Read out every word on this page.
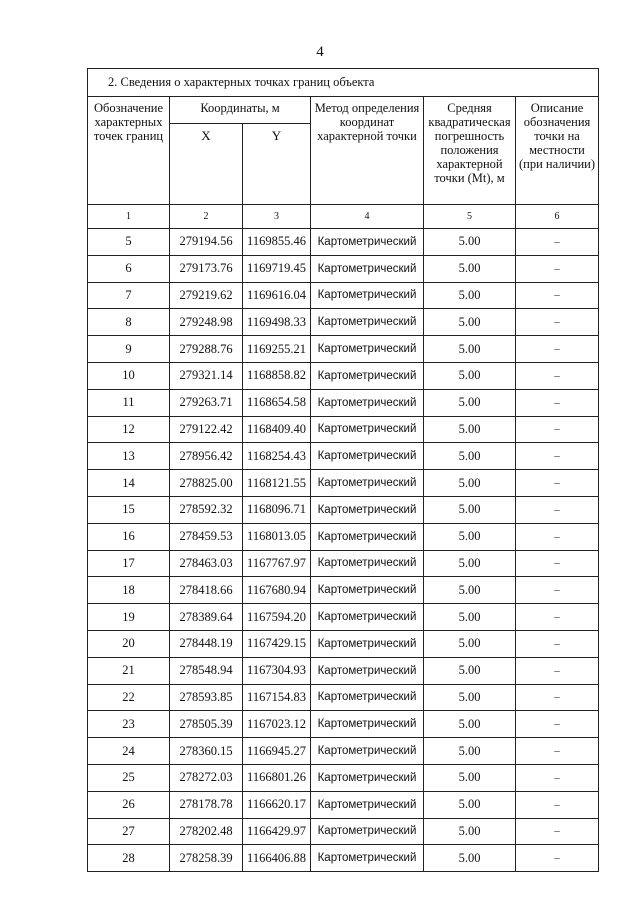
4
2. Сведения о характерных точках границ объекта					
Обозначение характерных точек границ	Координаты, м		Метод определения координат характерной точки	Средняя квадратическая погрешность положения характерной точки (Mt), м	Описание обозначения точки на местности (при наличии)
	X	Y			
1	2	3	4	5	6
5	279194.56	1169855.46	Картометрический	5.00	–
6	279173.76	1169719.45	Картометрический	5.00	–
7	279219.62	1169616.04	Картометрический	5.00	–
8	279248.98	1169498.33	Картометрический	5.00	–
9	279288.76	1169255.21	Картометрический	5.00	–
10	279321.14	1168858.82	Картометрический	5.00	–
11	279263.71	1168654.58	Картометрический	5.00	–
12	279122.42	1168409.40	Картометрический	5.00	–
13	278956.42	1168254.43	Картометрический	5.00	–
14	278825.00	1168121.55	Картометрический	5.00	–
15	278592.32	1168096.71	Картометрический	5.00	–
16	278459.53	1168013.05	Картометрический	5.00	–
17	278463.03	1167767.97	Картометрический	5.00	–
18	278418.66	1167680.94	Картометрический	5.00	–
19	278389.64	1167594.20	Картометрический	5.00	–
20	278448.19	1167429.15	Картометрический	5.00	–
21	278548.94	1167304.93	Картометрический	5.00	–
22	278593.85	1167154.83	Картометрический	5.00	–
23	278505.39	1167023.12	Картометрический	5.00	–
24	278360.15	1166945.27	Картометрический	5.00	–
25	278272.03	1166801.26	Картометрический	5.00	–
26	278178.78	1166620.17	Картометрический	5.00	–
27	278202.48	1166429.97	Картометрический	5.00	–
28	278258.39	1166406.88	Картометрический	5.00	–
